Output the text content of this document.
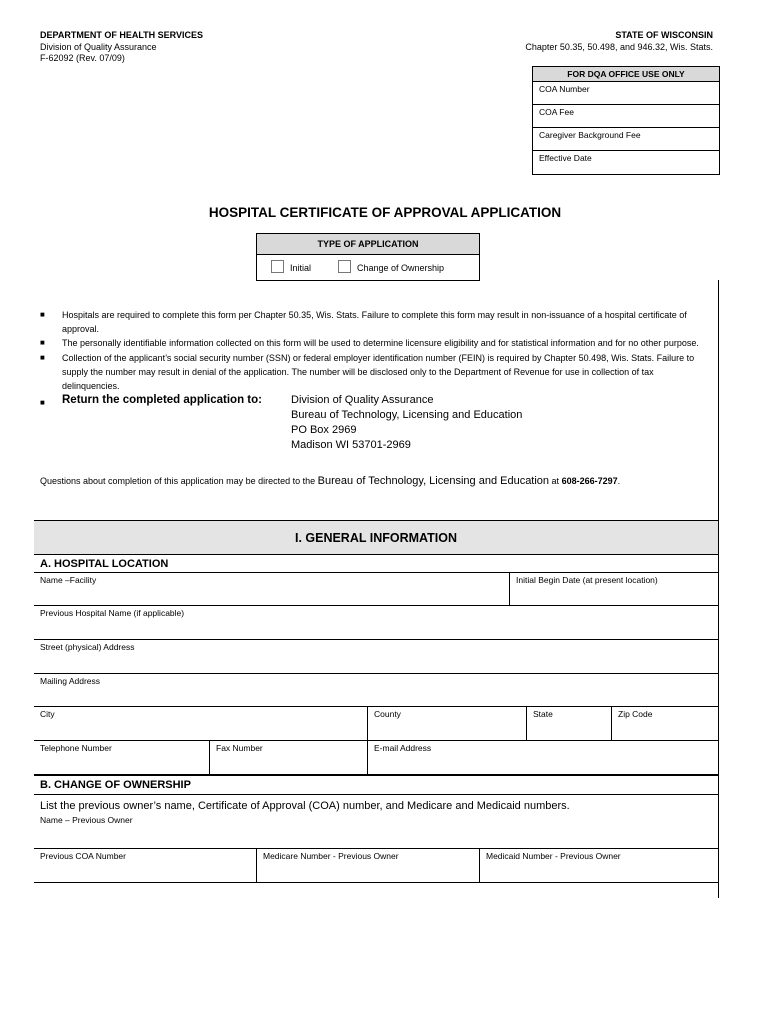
DEPARTMENT OF HEALTH SERVICES
Division of Quality Assurance
F-62092 (Rev. 07/09)
STATE OF WISCONSIN
Chapter 50.35, 50.498, and 946.32, Wis. Stats.
FOR DQA OFFICE USE ONLY
COA Number
COA Fee
Caregiver Background Fee
Effective Date
HOSPITAL CERTIFICATE OF APPROVAL APPLICATION
TYPE OF APPLICATION
Initial	Change of Ownership
■ Hospitals are required to complete this form per Chapter 50.35, Wis. Stats. Failure to complete this form may result in non-issuance of a hospital certificate of approval.
■ The personally identifiable information collected on this form will be used to determine licensure eligibility and for statistical information and for no other purpose.
■ Collection of the applicant’s social security number (SSN) or federal employer identification number (FEIN) is required by Chapter 50.498, Wis. Stats. Failure to supply the number may result in denial of the application. The number will be disclosed only to the Department of Revenue for use in collection of tax delinquencies.
■ Return the completed application to:	Division of Quality Assurance
Bureau of Technology, Licensing and Education
PO Box 2969
Madison WI 53701-2969
Questions about completion of this application may be directed to the Bureau of Technology, Licensing and Education at 608-266-7297.
I. GENERAL INFORMATION
A. HOSPITAL LOCATION
Name –Facility	Initial Begin Date (at present location)
Previous Hospital Name (if applicable)
Street (physical) Address
Mailing Address
City	County	State	Zip Code
Telephone Number	Fax Number	E-mail Address
B. CHANGE OF OWNERSHIP
List the previous owner’s name, Certificate of Approval (COA) number, and Medicare and Medicaid numbers.
Name – Previous Owner
Previous COA Number	Medicare Number - Previous Owner	Medicaid Number - Previous Owner
